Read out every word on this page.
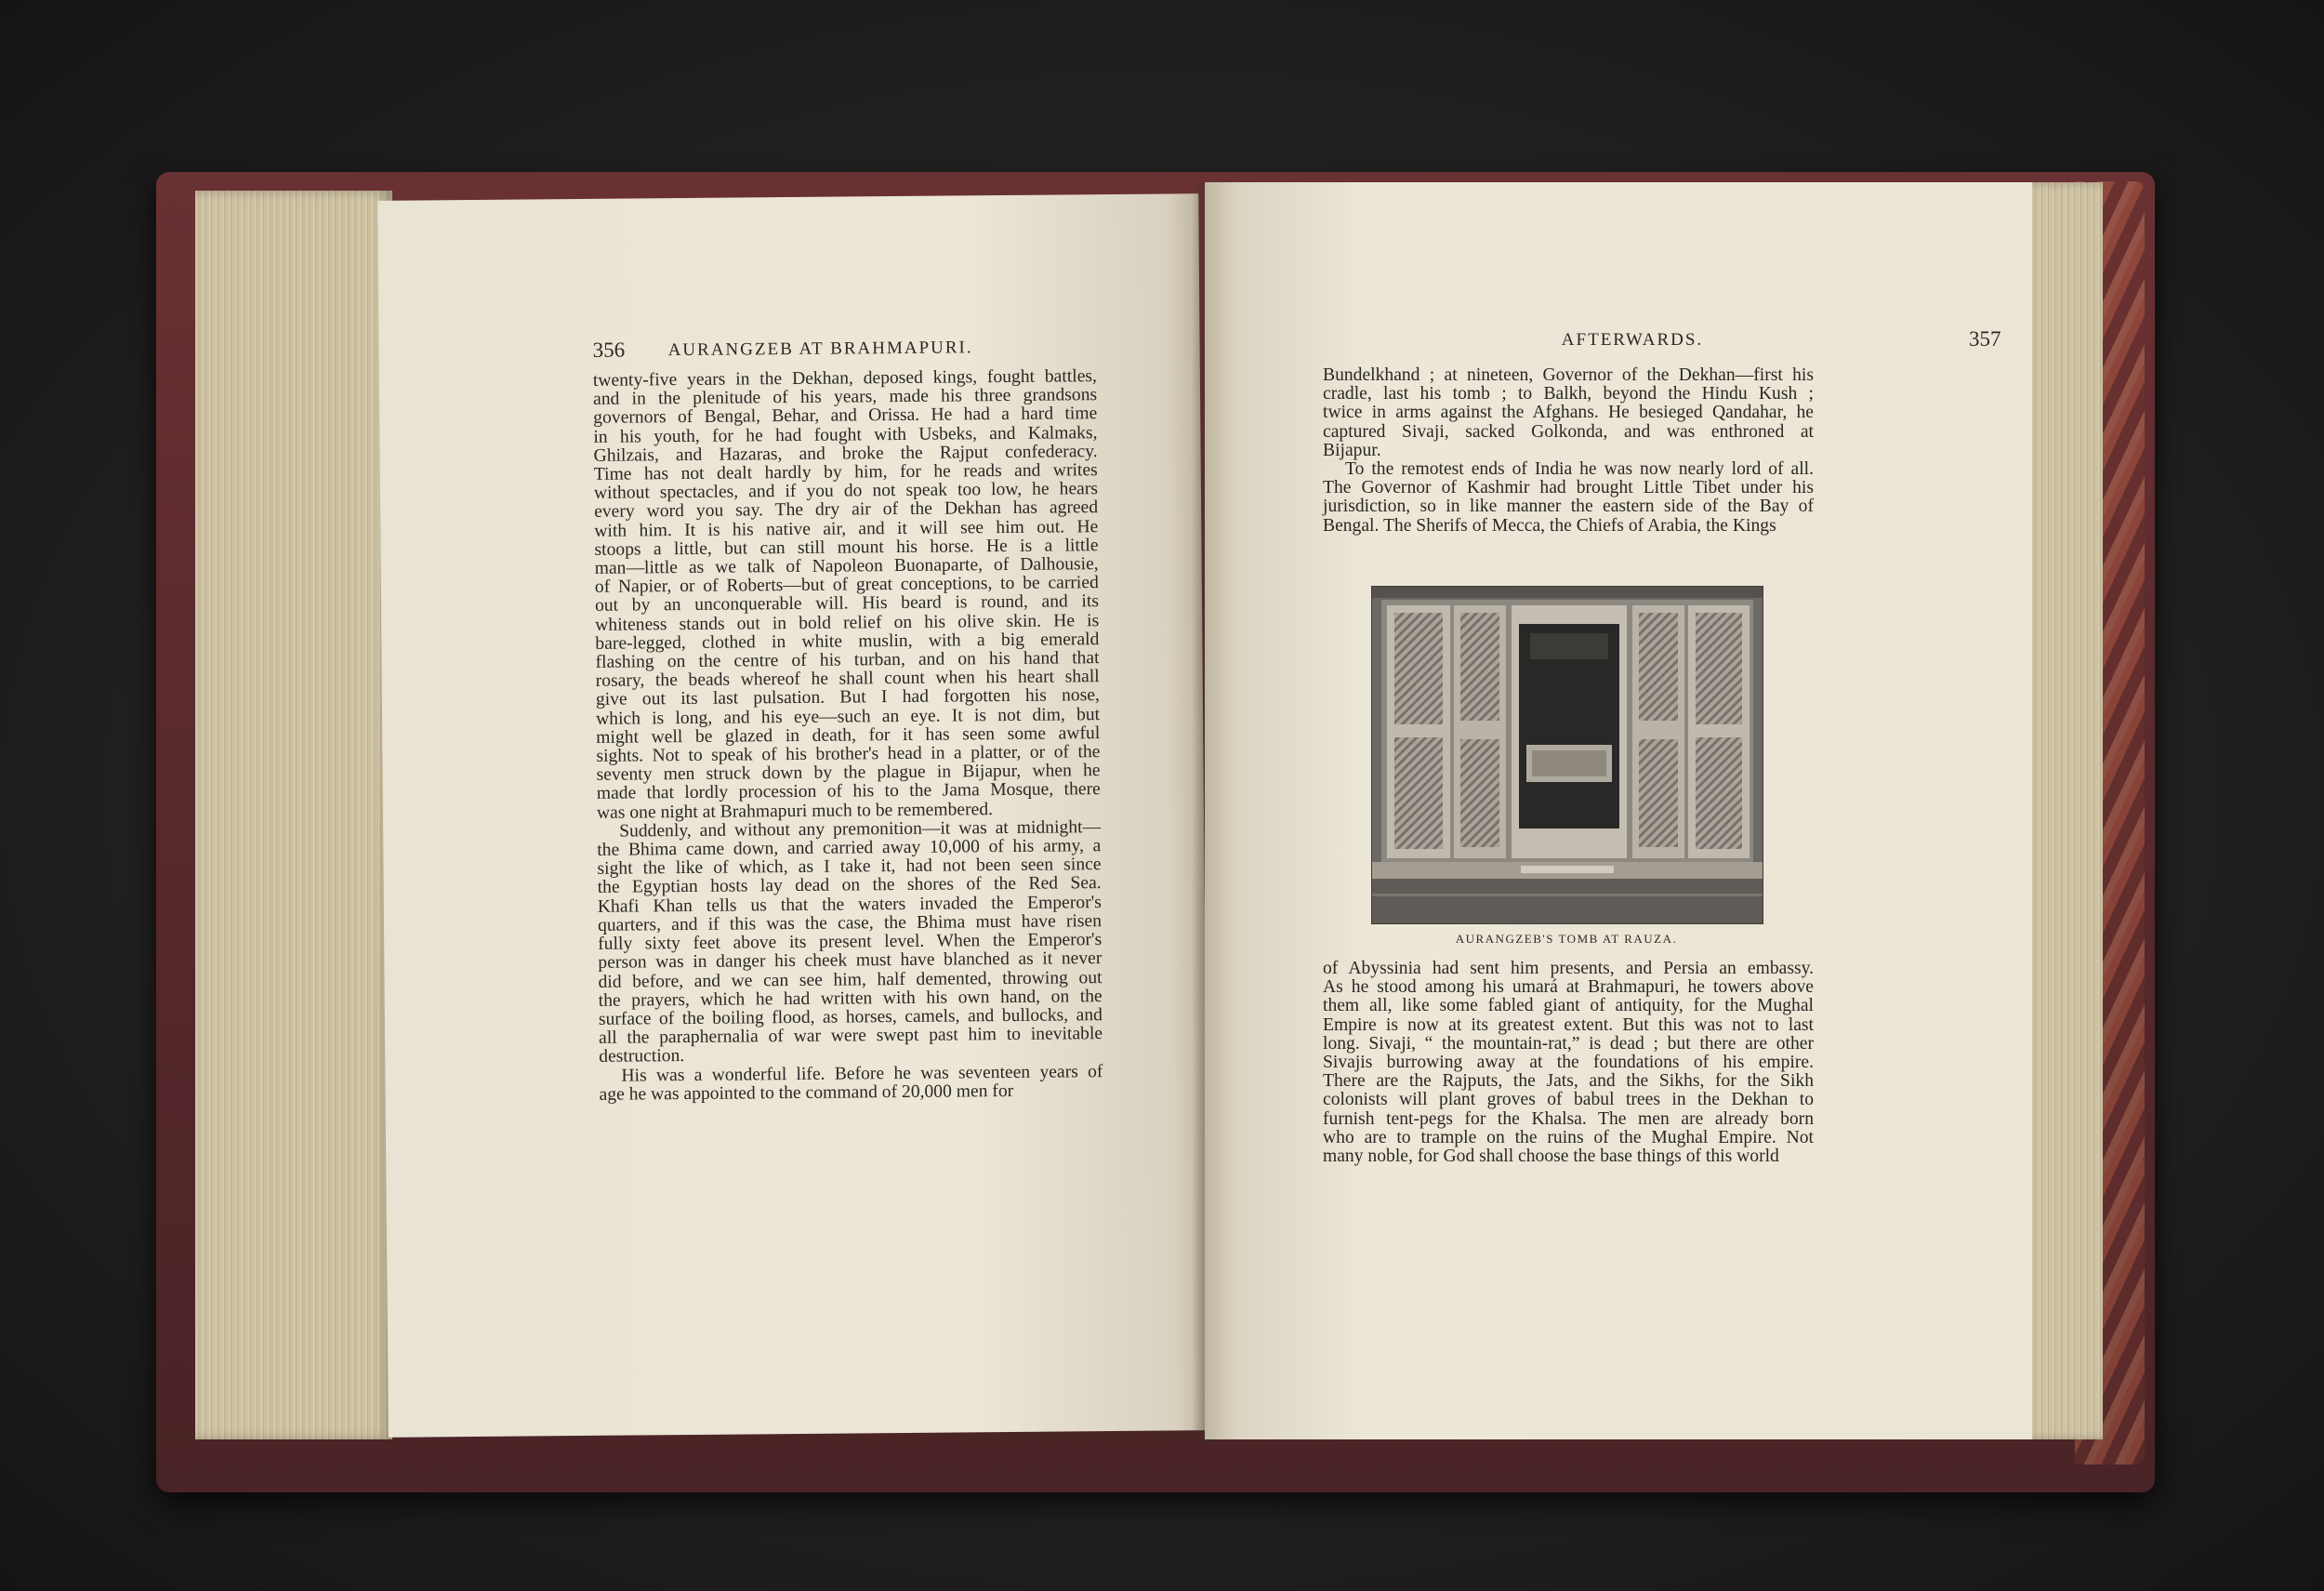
356	AURANGZEB AT BRAHMAPURI.
twenty-five years in the Dekhan, deposed kings, fought battles,
and in the plenitude of his years, made his three grandsons
governors of Bengal, Behar, and Orissa. He had a hard time
in his youth, for he had fought with Usbeks, and Kalmaks,
Ghilzais, and Hazaras, and broke the Rajput confederacy.
Time has not dealt hardly by him, for he reads and writes
without spectacles, and if you do not speak too low, he hears
every word you say. The dry air of the Dekhan has agreed
with him. It is his native air, and it will see him out. He
stoops a little, but can still mount his horse. He is a little
man—little as we talk of Napoleon Buonaparte, of Dalhousie,
of Napier, or of Roberts—but of great conceptions, to be carried
out by an unconquerable will. His beard is round, and its
whiteness stands out in bold relief on his olive skin. He is
bare-legged, clothed in white muslin, with a big emerald
flashing on the centre of his turban, and on his hand that
rosary, the beads whereof he shall count when his heart shall
give out its last pulsation. But I had forgotten his nose,
which is long, and his eye—such an eye. It is not dim, but
might well be glazed in death, for it has seen some awful
sights. Not to speak of his brother's head in a platter, or of the
seventy men struck down by the plague in Bijapur, when he
made that lordly procession of his to the Jama Mosque, there
was one night at Brahmapuri much to be remembered.
Suddenly, and without any premonition—it was at midnight—
the Bhima came down, and carried away 10,000 of his army, a
sight the like of which, as I take it, had not been seen since
the Egyptian hosts lay dead on the shores of the Red Sea.
Khafi Khan tells us that the waters invaded the Emperor's
quarters, and if this was the case, the Bhima must have risen
fully sixty feet above its present level. When the Emperor's
person was in danger his cheek must have blanched as it never
did before, and we can see him, half demented, throwing out
the prayers, which he had written with his own hand, on the
surface of the boiling flood, as horses, camels, and bullocks, and
all the paraphernalia of war were swept past him to inevitable
destruction.
His was a wonderful life. Before he was seventeen years of
age he was appointed to the command of 20,000 men for
AFTERWARDS.	357
Bundelkhand ; at nineteen, Governor of the Dekhan—first his
cradle, last his tomb ; to Balkh, beyond the Hindu Kush ;
twice in arms against the Afghans. He besieged Qandahar, he
captured Sivaji, sacked Golkonda, and was enthroned at
Bijapur.
To the remotest ends of India he was now nearly lord of all.
The Governor of Kashmir had brought Little Tibet under his
jurisdiction, so in like manner the eastern side of the Bay of
Bengal. The Sherifs of Mecca, the Chiefs of Arabia, the Kings
of Abyssinia had sent him presents, and Persia an embassy.
As he stood among his umará at Brahmapuri, he towers above
them all, like some fabled giant of antiquity, for the Mughal
Empire is now at its greatest extent. But this was not to last
long. Sivaji, “ the mountain-rat,” is dead ; but there are other
Sivajis burrowing away at the foundations of his empire.
There are the Rajputs, the Jats, and the Sikhs, for the Sikh
colonists will plant groves of babul trees in the Dekhan to
furnish tent-pegs for the Khalsa. The men are already born
who are to trample on the ruins of the Mughal Empire. Not
many noble, for God shall choose the base things of this world
AURANGZEB'S TOMB AT RAUZA.
